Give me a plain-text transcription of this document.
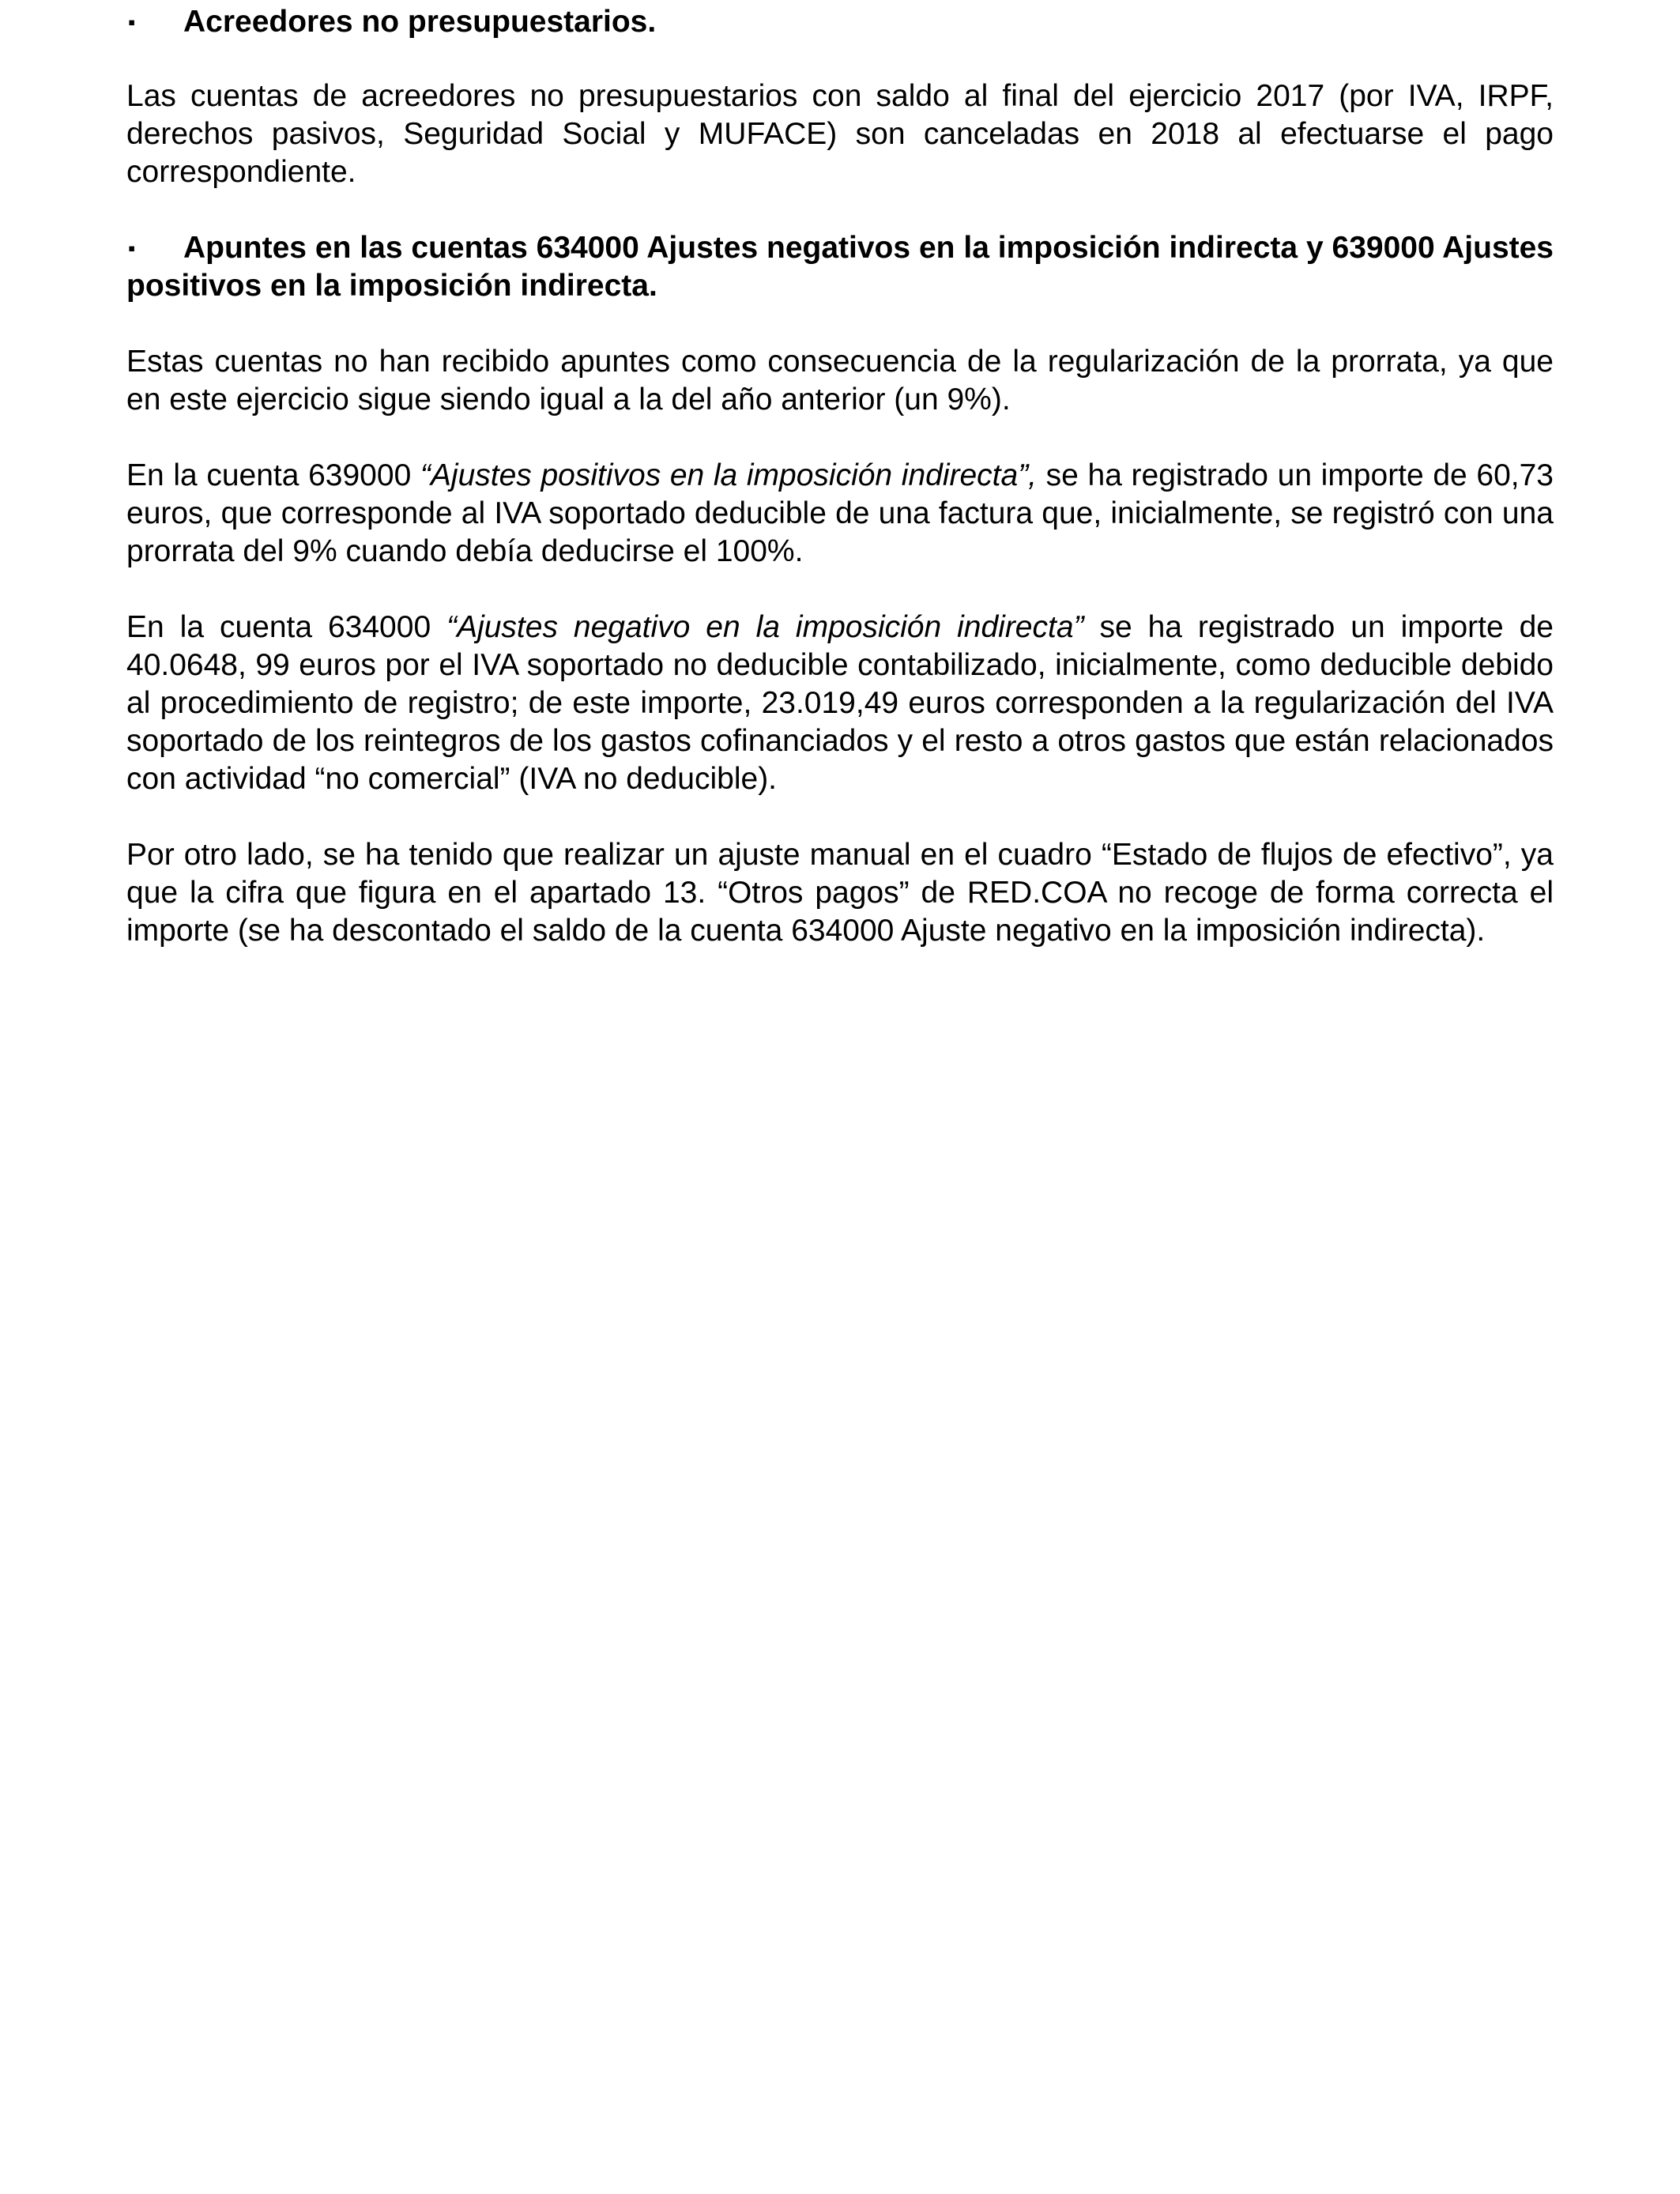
▪ Acreedores no presupuestarios.

Las cuentas de acreedores no presupuestarios con saldo al final del ejercicio 2017 (por IVA, IRPF, derechos pasivos, Seguridad Social y MUFACE) son canceladas en 2018 al efectuarse el pago correspondiente.

▪ Apuntes en las cuentas 634000 Ajustes negativos en la imposición indirecta y 639000 Ajustes positivos en la imposición indirecta.

Estas cuentas no han recibido apuntes como consecuencia de la regularización de la prorrata, ya que en este ejercicio sigue siendo igual a la del año anterior (un 9%).

En la cuenta 639000 “Ajustes positivos en la imposición indirecta”, se ha registrado un importe de 60,73 euros, que corresponde al IVA soportado deducible de una factura que, inicialmente, se registró con una prorrata del 9% cuando debía deducirse el 100%.

En la cuenta 634000 “Ajustes negativo en la imposición indirecta” se ha registrado un importe de 40.0648, 99 euros por el IVA soportado no deducible contabilizado, inicialmente, como deducible debido al procedimiento de registro; de este importe, 23.019,49 euros corresponden a la regularización del IVA soportado de los reintegros de los gastos cofinanciados y el resto a otros gastos que están relacionados con actividad “no comercial” (IVA no deducible).

Por otro lado, se ha tenido que realizar un ajuste manual en el cuadro “Estado de flujos de efectivo”, ya que la cifra que figura en el apartado 13. “Otros pagos” de RED.COA no recoge de forma correcta el importe (se ha descontado el saldo de la cuenta 634000 Ajuste negativo en la imposición indirecta).
